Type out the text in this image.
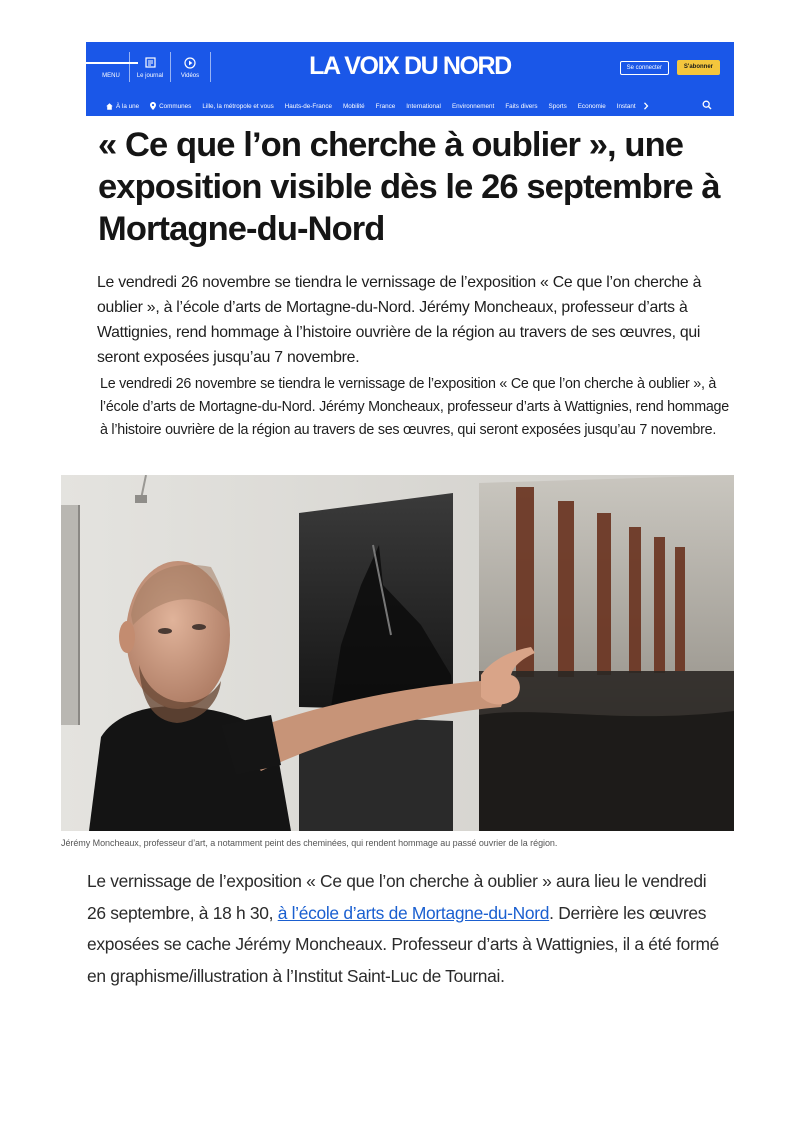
MENU	Le journal	Vidéos	LA VOIX DU NORD	Se connecter	S'abonner
À la une	Communes Lille, la métropole et vous Hauts-de-France Mobilité France International Environnement Faits divers Sports Economie Instant
« Ce que l’on cherche à oublier », une exposition visible dès le 26 septembre à Mortagne-du-Nord

Le vendredi 26 novembre se tiendra le vernissage de l’exposition « Ce que l’on cherche à oublier », à l’école d’arts de Mortagne-du-Nord. Jérémy Moncheaux, professeur d’arts à Wattignies, rend hommage à l’histoire ouvrière de la région au travers de ses œuvres, qui seront exposées jusqu’au 7 novembre.

Le vendredi 26 novembre se tiendra le vernissage de l’exposition « Ce que l’on cherche à oublier », à l’école d’arts de Mortagne-du-Nord. Jérémy Moncheaux, professeur d’arts à Wattignies, rend hommage à l’histoire ouvrière de la région au travers de ses œuvres, qui seront exposées jusqu’au 7 novembre.

Jérémy Moncheaux, professeur d’art, a notamment peint des cheminées, qui rendent hommage au passé ouvrier de la région.

Le vernissage de l’exposition « Ce que l’on cherche à oublier » aura lieu le vendredi 26 septembre, à 18 h 30, à l’école d’arts de Mortagne-du-Nord. Derrière les œuvres exposées se cache Jérémy Moncheaux. Professeur d’arts à Wattignies, il a été formé en graphisme/illustration à l’Institut Saint-Luc de Tournai.
